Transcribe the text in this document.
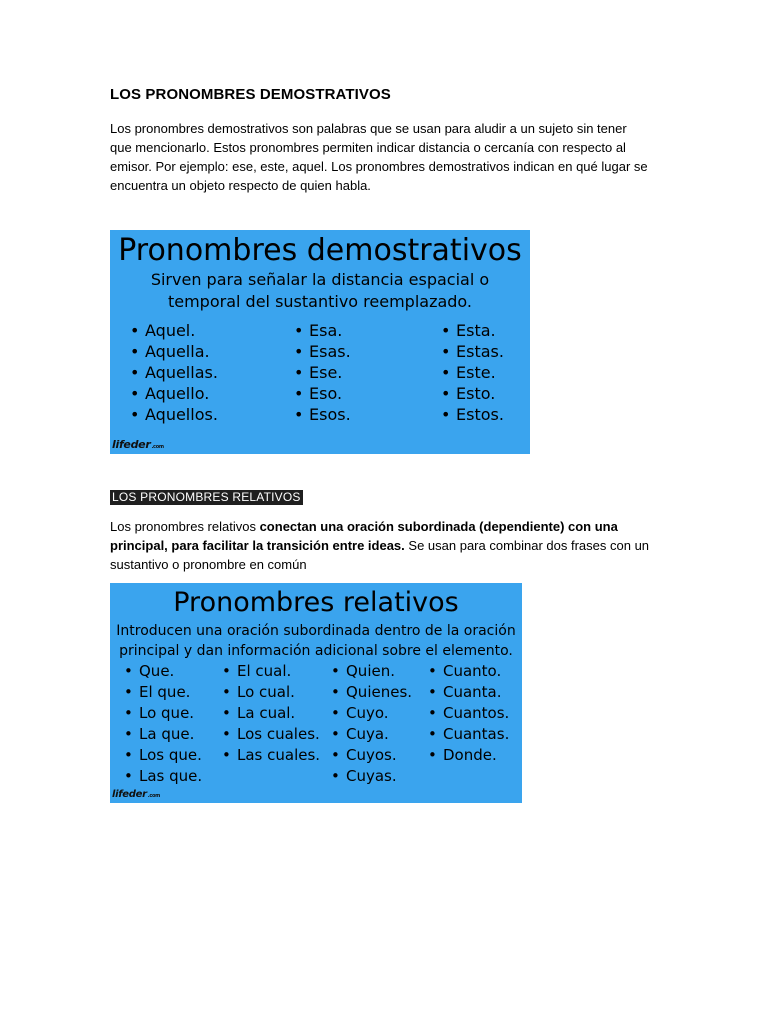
LOS PRONOMBRES DEMOSTRATIVOS

Los pronombres demostrativos son palabras que se usan para aludir a un sujeto sin tener que mencionarlo. Estos pronombres permiten indicar distancia o cercanía con respecto al emisor. Por ejemplo: ese, este, aquel. Los pronombres demostrativos indican en qué lugar se encuentra un objeto respecto de quien habla.

Pronombres demostrativos
Sirven para señalar la distancia espacial o temporal del sustantivo reemplazado.
• Aquel.
• Aquella.
• Aquellas.
• Aquello.
• Aquellos.
• Esa.
• Esas.
• Ese.
• Eso.
• Esos.
• Esta.
• Estas.
• Este.
• Esto.
• Estos.
lifeder.com
LOS PRONOMBRES RELATIVOS

Los pronombres relativos conectan una oración subordinada (dependiente) con una principal, para facilitar la transición entre ideas. Se usan para combinar dos frases con un sustantivo o pronombre en común

Pronombres relativos
Introducen una oración subordinada dentro de la oración principal y dan información adicional sobre el elemento.
• Que.
• El que.
• Lo que.
• La que.
• Los que.
• Las que.
• El cual.
• Lo cual.
• La cual.
• Los cuales.
• Las cuales.
• Quien.
• Quienes.
• Cuyo.
• Cuya.
• Cuyos.
• Cuyas.
• Cuanto.
• Cuanta.
• Cuantos.
• Cuantas.
• Donde.
lifeder.com
